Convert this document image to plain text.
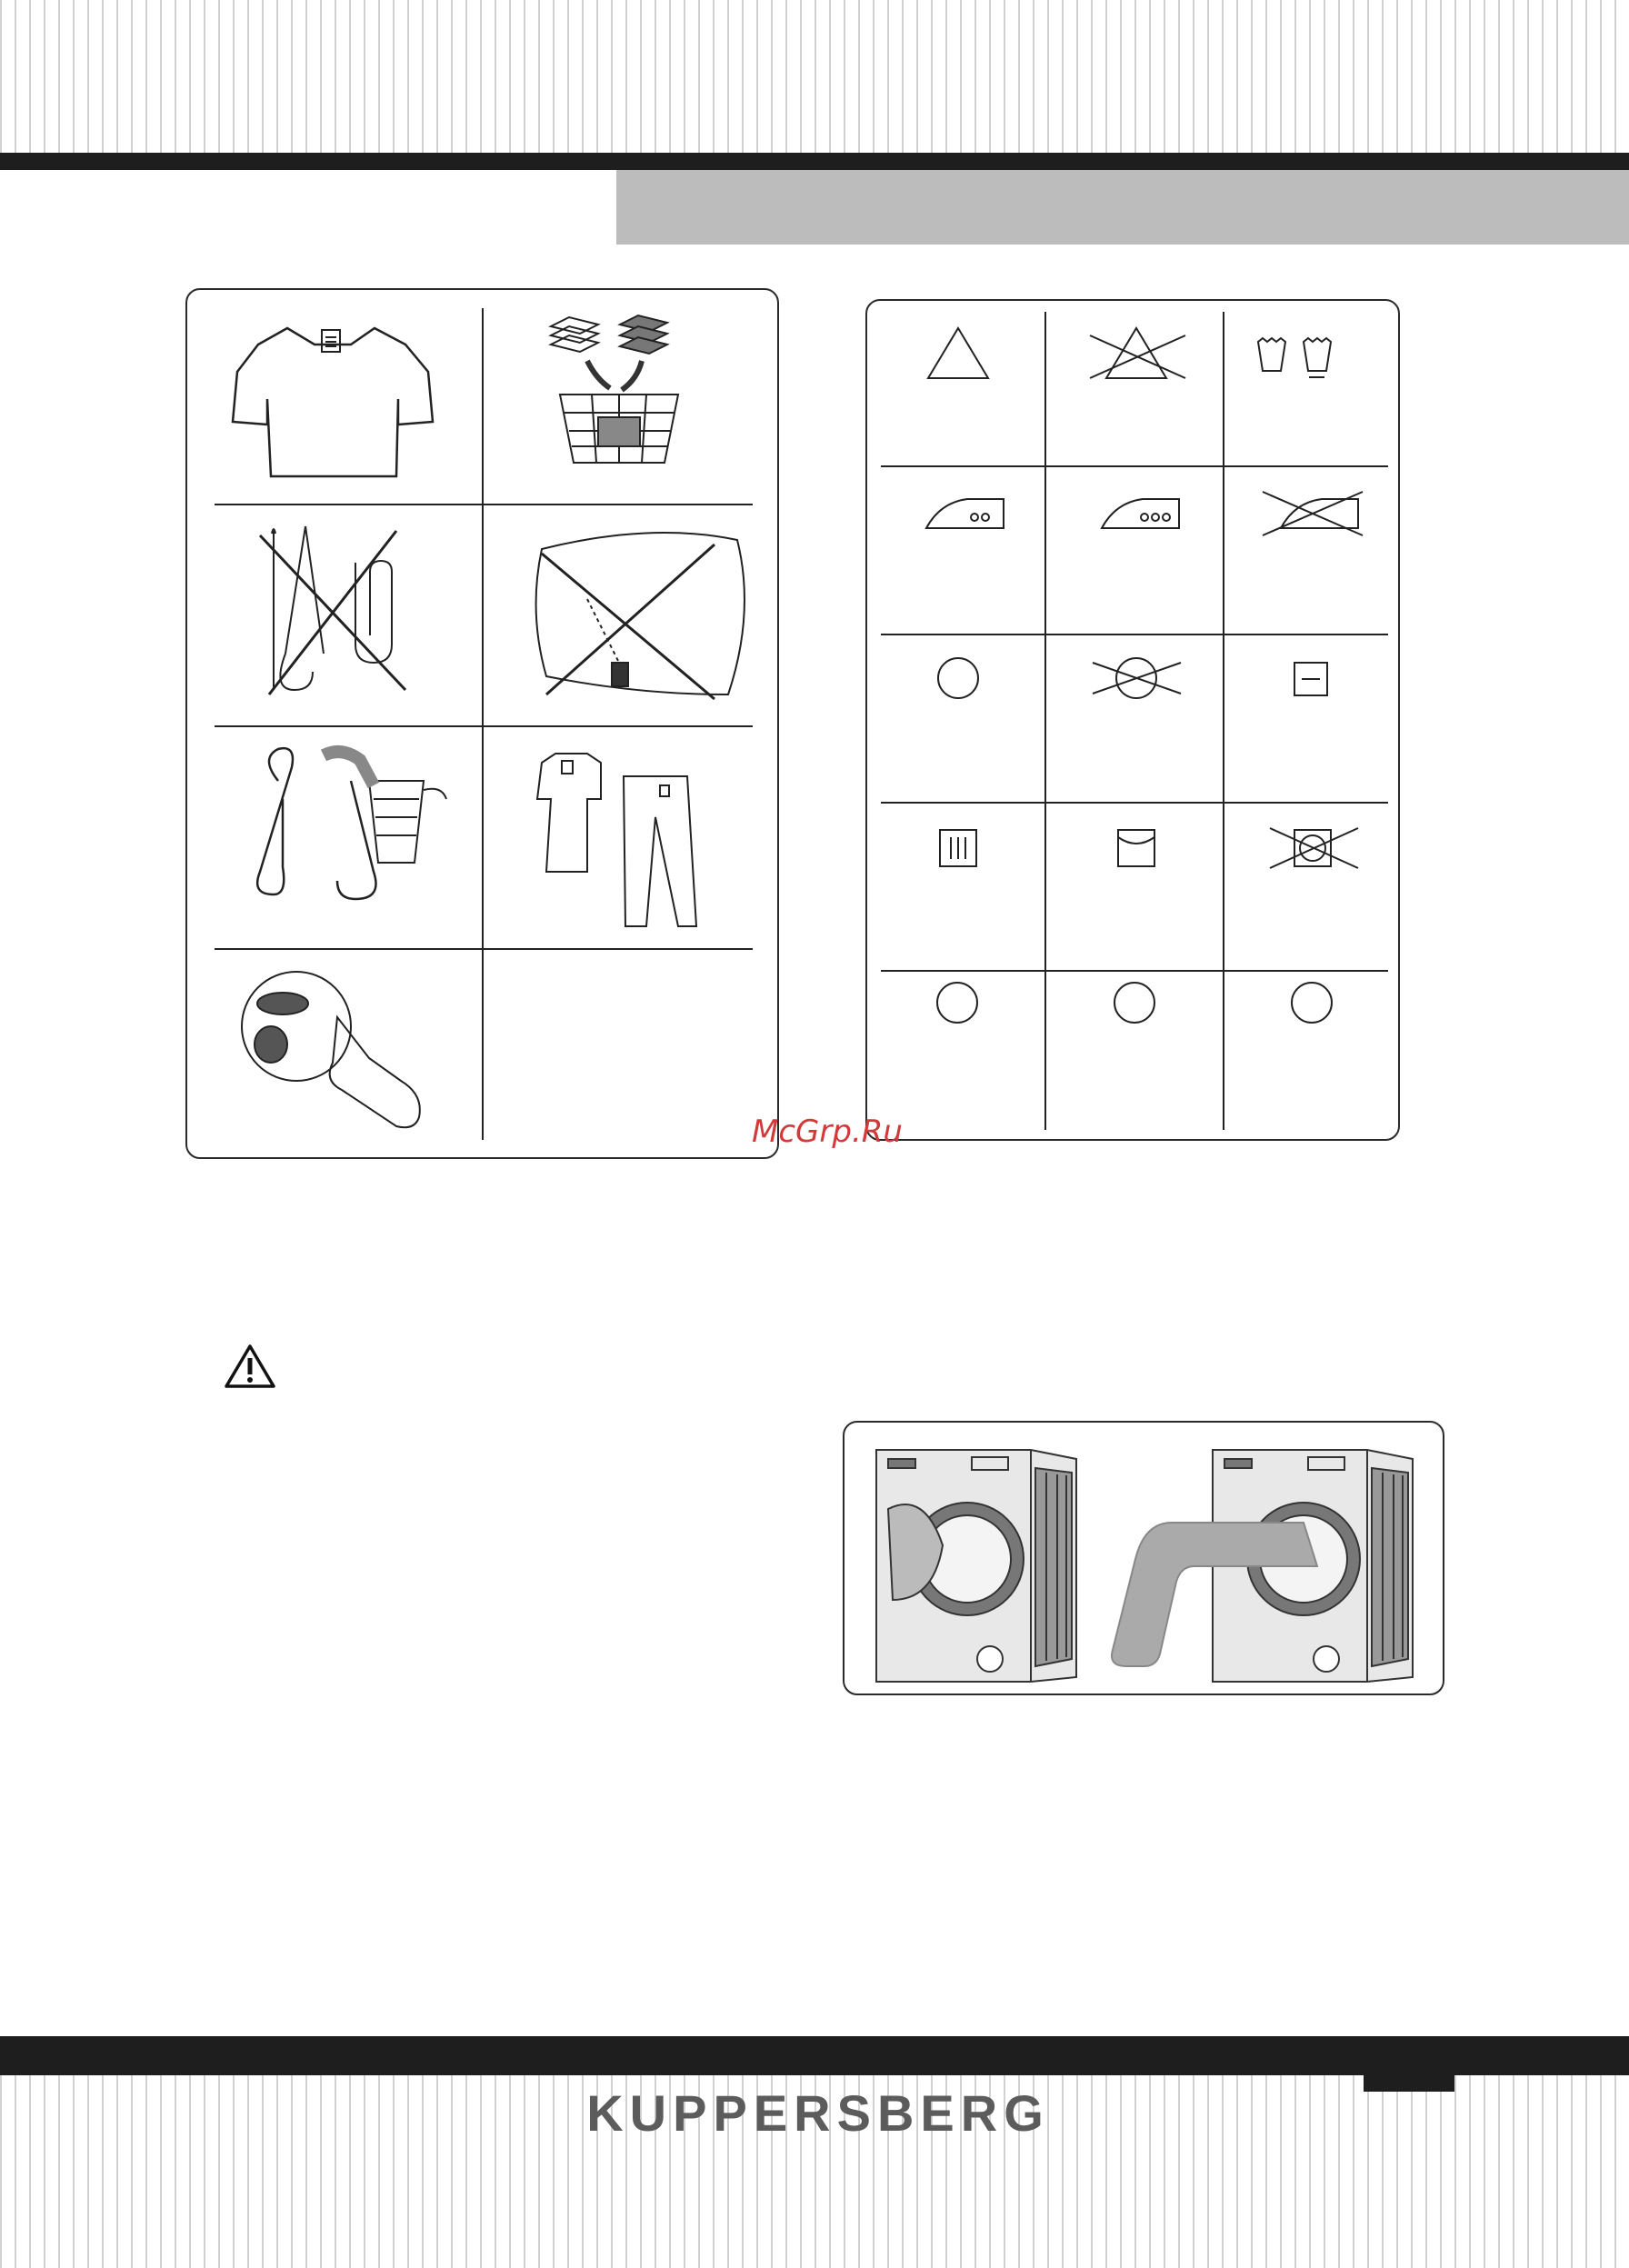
McGrp.Ru
KUPPERSBERG
